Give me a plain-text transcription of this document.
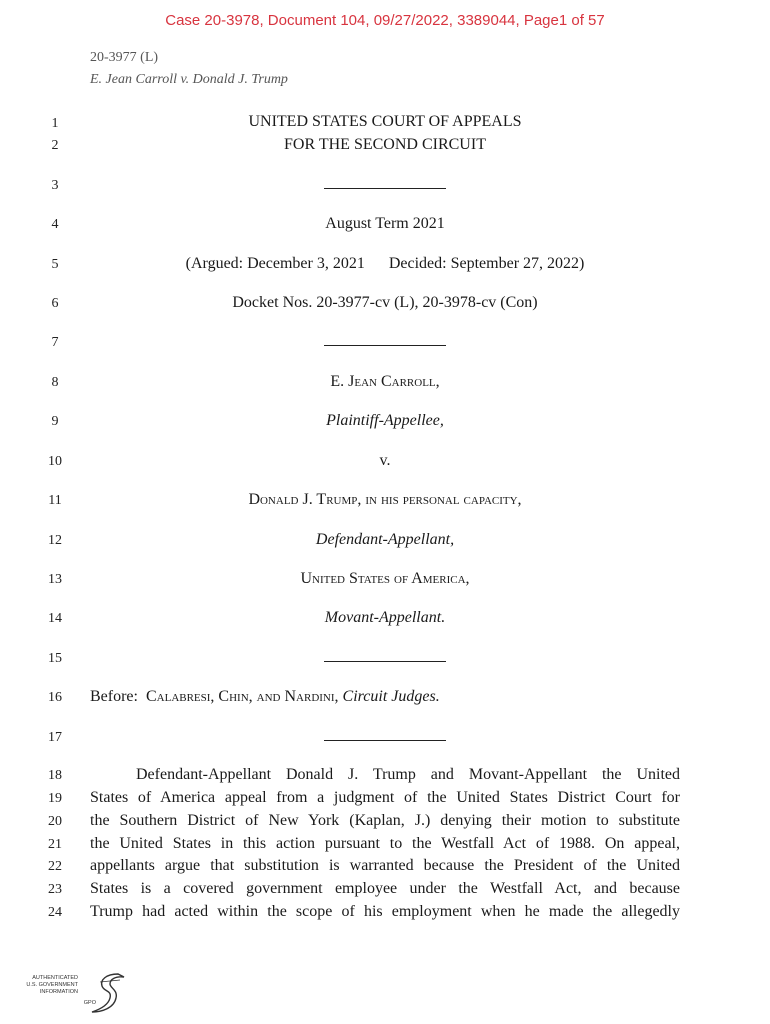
Case 20-3978, Document 104, 09/27/2022, 3389044, Page1 of 57
20-3977 (L)
E. Jean Carroll v. Donald J. Trump
1
2
3
4
5
6
7
8
9
10
11
12
13
14
15
16
17
18
19
20
21
22
23
24
UNITED STATES COURT OF APPEALS
FOR THE SECOND CIRCUIT
August Term 2021
(Argued: December 3, 2021 Decided: September 27, 2022)
Docket Nos. 20-3977-cv (L), 20-3978-cv (Con)
E. Jean Carroll,
Plaintiff-Appellee,
v.
Donald J. Trump, in his personal capacity,
Defendant-Appellant,
United States of America,
Movant-Appellant.
Before: Calabresi, Chin, and Nardini, Circuit Judges.
Defendant-Appellant Donald J. Trump and Movant-Appellant the United
States of America appeal from a judgment of the United States District Court for
the Southern District of New York (Kaplan, J.) denying their motion to substitute
the United States in this action pursuant to the Westfall Act of 1988. On appeal,
appellants argue that substitution is warranted because the President of the United
States is a covered government employee under the Westfall Act, and because
Trump had acted within the scope of his employment when he made the allegedly
AUTHENTICATED
U.S. GOVERNMENT
INFORMATION
GPO
